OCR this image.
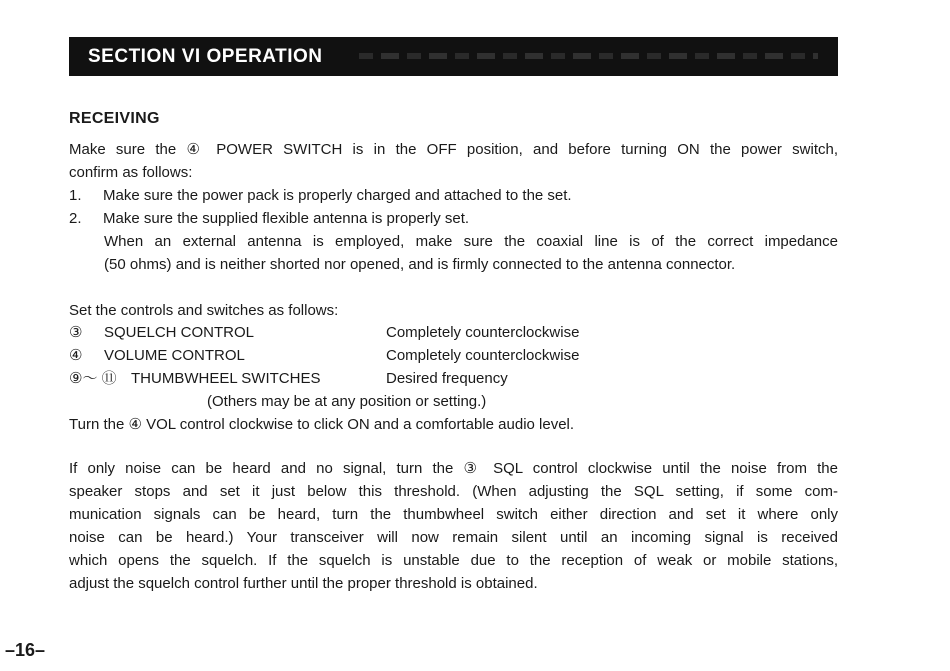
SECTION VI OPERATION
RECEIVING
Make sure the ④ POWER SWITCH is in the OFF position, and before turning ON the power switch,
confirm as follows:
1. Make sure the power pack is properly charged and attached to the set.
2. Make sure the supplied flexible antenna is properly set.
When an external antenna is employed, make sure the coaxial line is of the correct impedance
(50 ohms) and is neither shorted nor opened, and is firmly connected to the antenna connector.
Set the controls and switches as follows:
③ SQUELCH CONTROL	Completely counterclockwise
④ VOLUME CONTROL	Completely counterclockwise
⑨～ ⑪ THUMBWHEEL SWITCHES	Desired frequency
(Others may be at any position or setting.)
Turn the ④ VOL control clockwise to click ON and a comfortable audio level.
If only noise can be heard and no signal, turn the ③ SQL control clockwise until the noise from the
speaker stops and set it just below this threshold. (When adjusting the SQL setting, if some com-
munication signals can be heard, turn the thumbwheel switch either direction and set it where only
noise can be heard.) Your transceiver will now remain silent until an incoming signal is received
which opens the squelch. If the squelch is unstable due to the reception of weak or mobile stations,
adjust the squelch control further until the proper threshold is obtained.
–16–
